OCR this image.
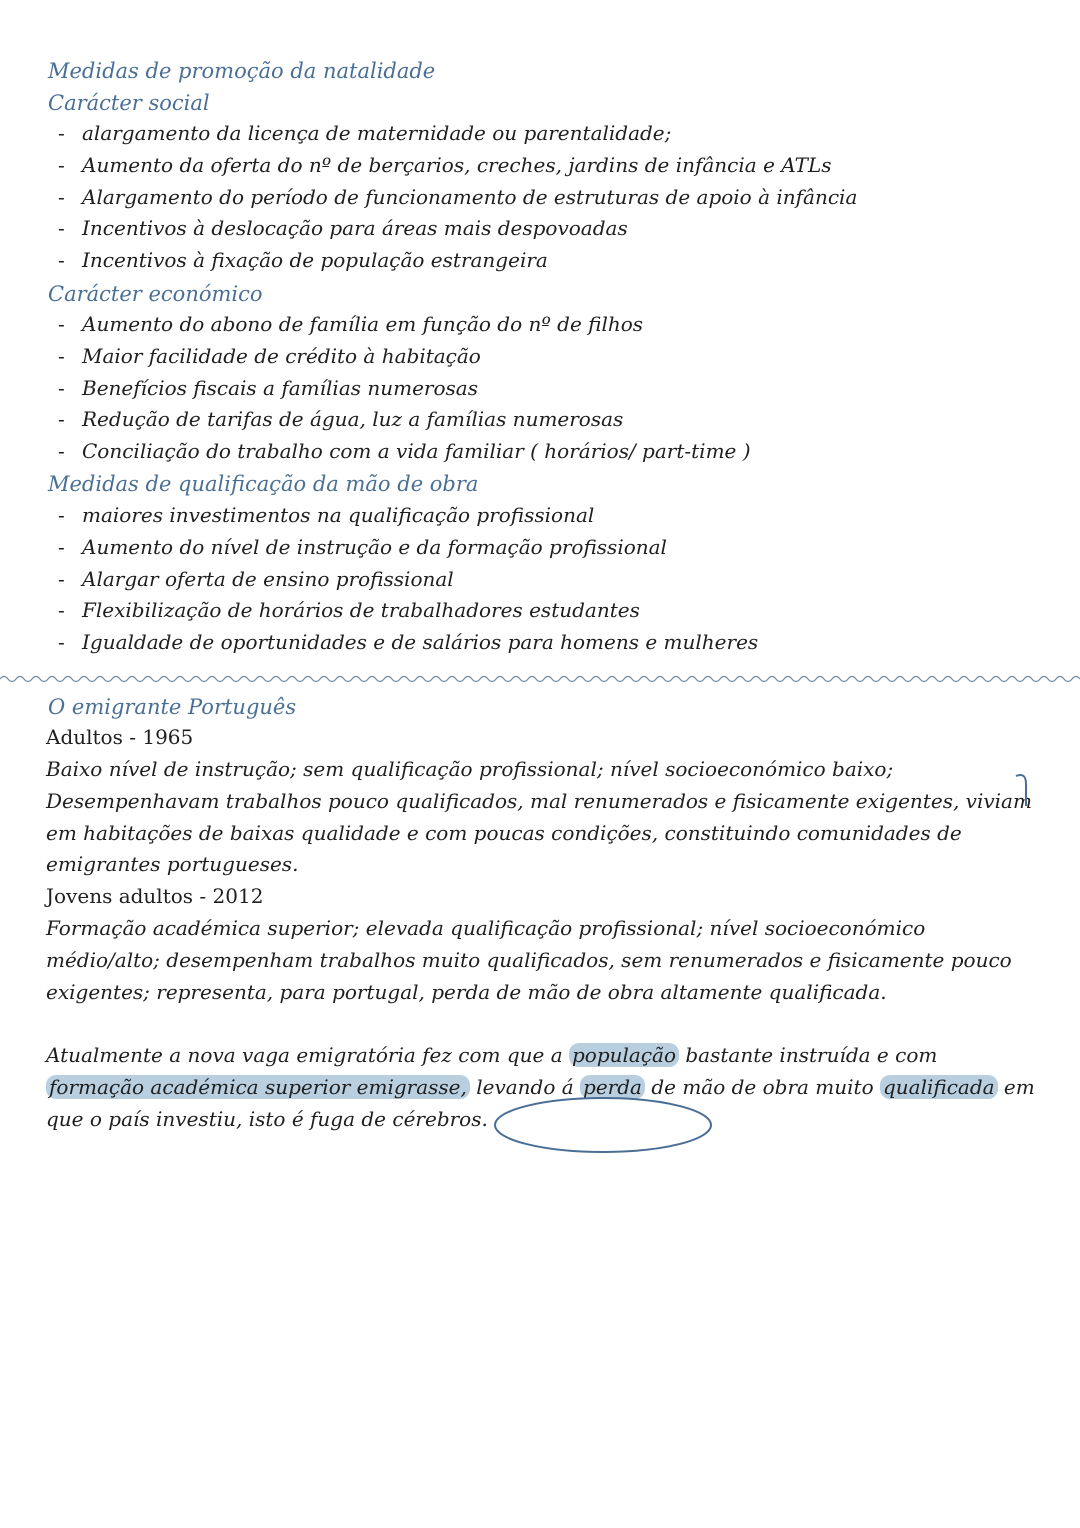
Medidas de promoção da natalidade
Carácter social
- alargamento da licença de maternidade ou parentalidade;
- Aumento da oferta do nº de berçarios, creches, jardins de infância e ATLs
- Alargamento do período de funcionamento de estruturas de apoio à infância
- Incentivos à deslocação para áreas mais despovoadas
- Incentivos à fixação de população estrangeira
Carácter económico
- Aumento do abono de família em função do nº de filhos
- Maior facilidade de crédito à habitação
- Benefícios fiscais a famílias numerosas
- Redução de tarifas de água, luz a famílias numerosas
- Conciliação do trabalho com a vida familiar ( horários/ part-time )
Medidas de qualificação da mão de obra
- maiores investimentos na qualificação profissional
- Aumento do nível de instrução e da formação profissional
- Alargar oferta de ensino profissional
- Flexibilização de horários de trabalhadores estudantes
- Igualdade de oportunidades e de salários para homens e mulheres
O emigrante Português

Adultos - 1965

Baixo nível de instrução; sem qualificação profissional; nível socioeconómico baixo; Desempenhavam trabalhos pouco qualificados, mal renumerados e fisicamente exigentes, viviam em habitações de baixas qualidade e com poucas condições, constituindo comunidades de emigrantes portugueses.

Jovens adultos - 2012

Formação académica superior; elevada qualificação profissional; nível socioeconómico médio/alto; desempenham trabalhos muito qualificados, sem renumerados e fisicamente pouco exigentes; representa, para portugal, perda de mão de obra altamente qualificada.

Atualmente a nova vaga emigratória fez com que a população bastante instruída e com formação académica superior emigrasse, levando á perda de mão de obra muito qualificada em que o país investiu, isto é fuga de cérebros.
